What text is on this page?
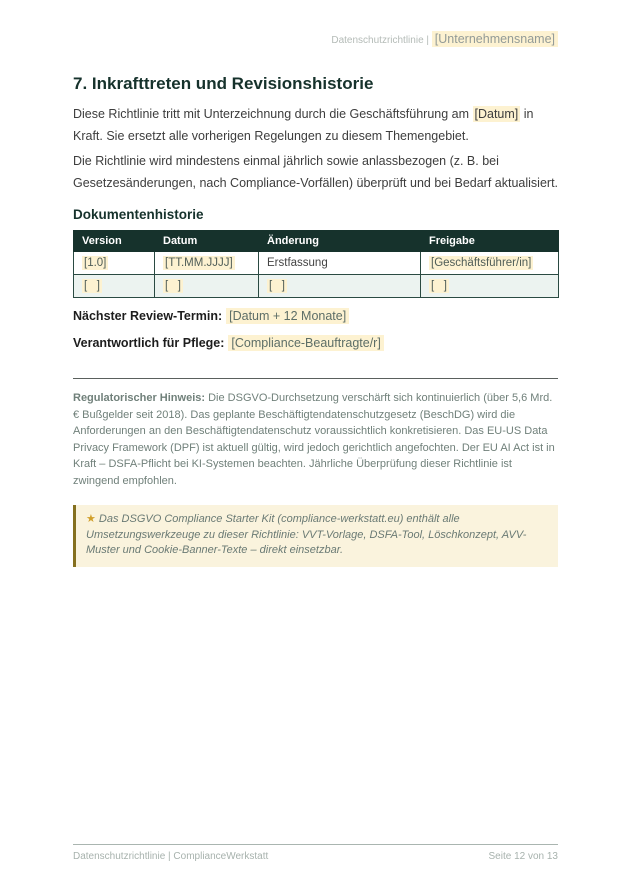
Datenschutzrichtlinie | [Unternehmensname]
7. Inkrafttreten und Revisionshistorie

Diese Richtlinie tritt mit Unterzeichnung durch die Geschäftsführung am [Datum] in Kraft. Sie ersetzt alle vorherigen Regelungen zu diesem Themengebiet.

Die Richtlinie wird mindestens einmal jährlich sowie anlassbezogen (z. B. bei Gesetzesänderungen, nach Compliance-Vorfällen) überprüft und bei Bedarf aktualisiert.

Dokumentenhistorie
Version	Datum	Änderung	Freigabe
[1.0]	[TT.MM.JJJJ]	Erstfassung	[Geschäftsführer/in]
[   ]	[   ]	[   ]	[   ]
Nächster Review-Termin: [Datum + 12 Monate]
Verantwortlich für Pflege: [Compliance-Beauftragte/r]

Regulatorischer Hinweis: Die DSGVO-Durchsetzung verschärft sich kontinuierlich (über 5,6 Mrd. € Bußgelder seit 2018). Das geplante Beschäftigtendatenschutzgesetz (BeschDG) wird die Anforderungen an den Beschäftigtendatenschutz voraussichtlich konkretisieren. Das EU-US Data Privacy Framework (DPF) ist aktuell gültig, wird jedoch gerichtlich angefochten. Der EU AI Act ist in Kraft – DSFA-Pflicht bei KI-Systemen beachten. Jährliche Überprüfung dieser Richtlinie ist zwingend empfohlen.

★ Das DSGVO Compliance Starter Kit (compliance-werkstatt.eu) enthält alle Umsetzungswerkzeuge zu dieser Richtlinie: VVT-Vorlage, DSFA-Tool, Löschkonzept, AVV-Muster und Cookie-Banner-Texte – direkt einsetzbar.
Datenschutzrichtlinie | ComplianceWerkstatt	Seite 12 von 13
